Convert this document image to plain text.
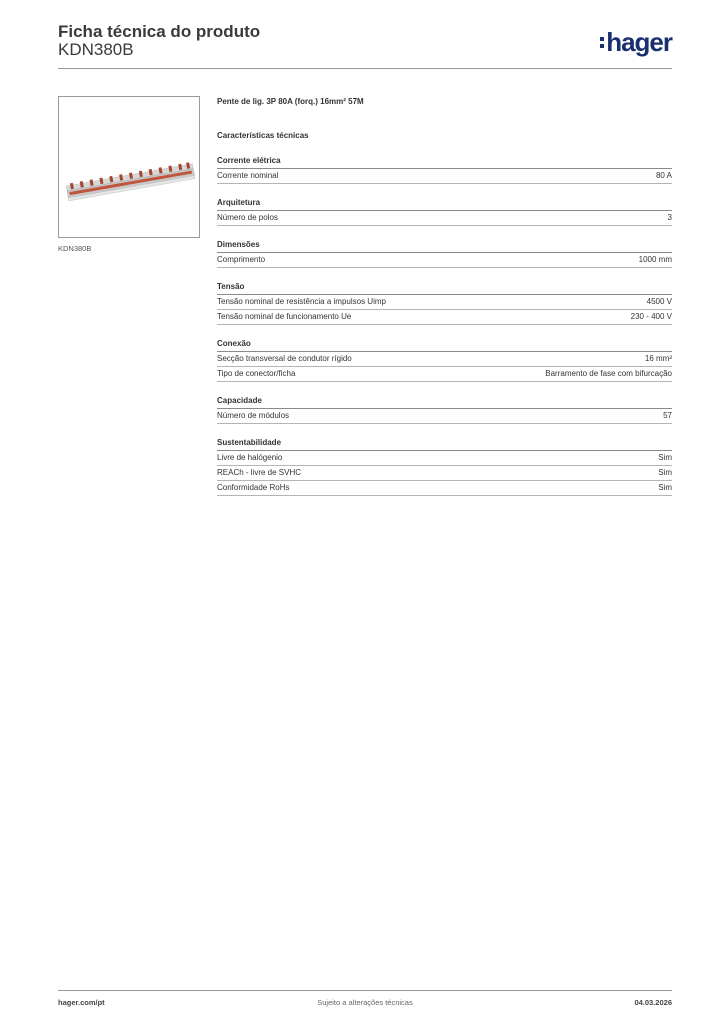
Ficha técnica do produto
KDN380B	hager
KDN380B
Pente de lig. 3P 80A (forq.) 16mm² 57M
Características técnicas
Corrente elétrica
Corrente nominal	80 A
Arquitetura
Número de polos	3
Dimensões
Comprimento	1000 mm
Tensão
Tensão nominal de resistência a impulsos Uimp	4500 V
Tensão nominal de funcionamento Ue	230 - 400 V
Conexão
Secção transversal de condutor rígido	16 mm²
Tipo de conector/ficha	Barramento de fase com bifurcação
Capacidade
Número de módulos	57
Sustentabilidade
Livre de halógenio	Sim
REACh - livre de SVHC	Sim
Conformidade RoHs	Sim
hager.com/pt	Sujeito a alterações técnicas	04.03.2026
